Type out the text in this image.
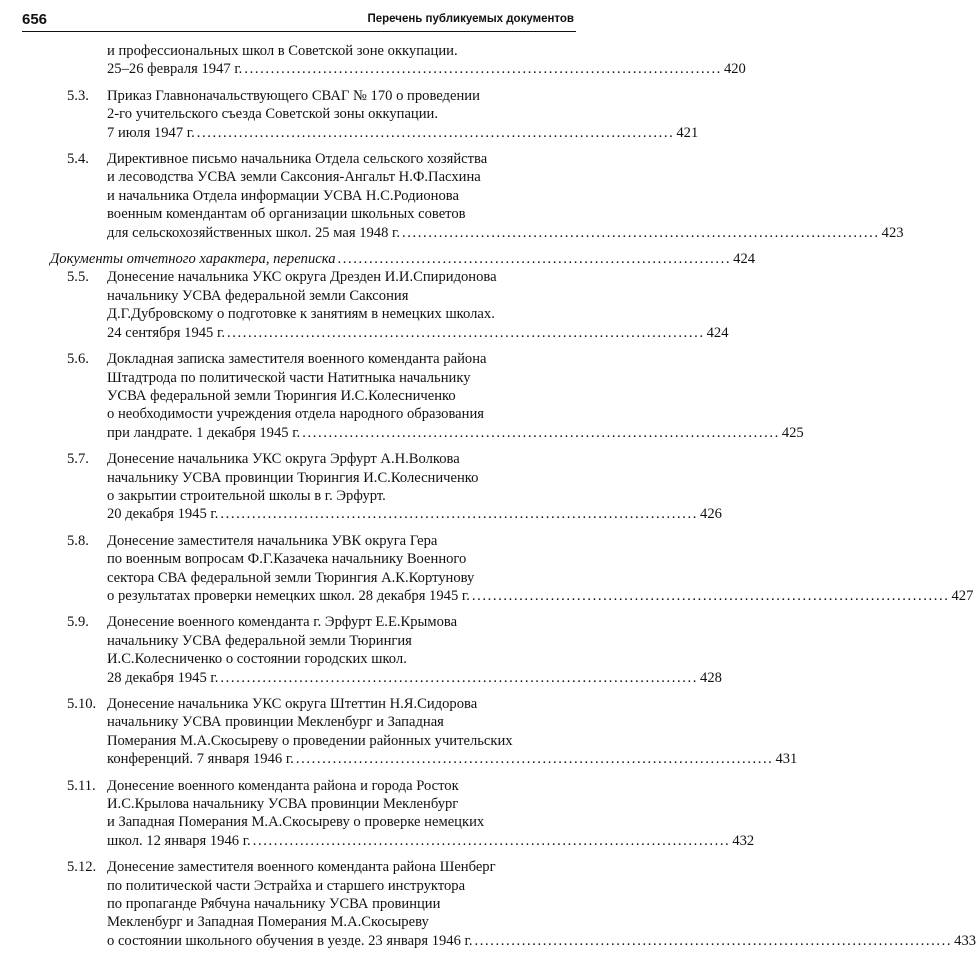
656	Перечень публикуемых документов
и профессиональных школ в Советской зоне оккупации.
25–26 февраля 1947 г. ........................................................................................... 420
5.3. Приказ Главноначальствующего СВАГ № 170 о проведении
2-го учительского съезда Советской зоны оккупации.
7 июля 1947 г. ........................................................................................... 421
5.4. Директивное письмо начальника Отдела сельского хозяйства
и лесоводства УСВА земли Саксония-Ангальт Н.Ф.Пасхина
и начальника Отдела информации УСВА Н.С.Родионова
военным комендантам об организации школьных советов
для сельскохозяйственных школ. 25 мая 1948 г. ........................................................................................... 423
Документы отчетного характера, переписка ........................................................................... 424
5.5. Донесение начальника УКС округа Дрезден И.И.Спиридонова
начальнику УСВА федеральной земли Саксония
Д.Г.Дубровскому о подготовке к занятиям в немецких школах.
24 сентября 1945 г. ........................................................................................... 424
5.6. Докладная записка заместителя военного коменданта района
Штадтрода по политической части Натитныка начальнику
УСВА федеральной земли Тюрингия И.С.Колесниченко
о необходимости учреждения отдела народного образования
при ландрате. 1 декабря 1945 г. ........................................................................................... 425
5.7. Донесение начальника УКС округа Эрфурт А.Н.Волкова
начальнику УСВА провинции Тюрингия И.С.Колесниченко
о закрытии строительной школы в г. Эрфурт.
20 декабря 1945 г. ........................................................................................... 426
5.8. Донесение заместителя начальника УВК округа Гера
по военным вопросам Ф.Г.Казачека начальнику Военного
сектора СВА федеральной земли Тюрингия А.К.Кортунову
о результатах проверки немецких школ. 28 декабря 1945 г. ........................................................................................... 427
5.9. Донесение военного коменданта г. Эрфурт Е.Е.Крымова
начальнику УСВА федеральной земли Тюрингия
И.С.Колесниченко о состоянии городских школ.
28 декабря 1945 г. ........................................................................................... 428
5.10. Донесение начальника УКС округа Штеттин Н.Я.Сидорова
начальнику УСВА провинции Мекленбург и Западная
Померания М.А.Скосыреву о проведении районных учительских
конференций. 7 января 1946 г. ........................................................................................... 431
5.11. Донесение военного коменданта района и города Росток
И.С.Крылова начальнику УСВА провинции Мекленбург
и Западная Померания М.А.Скосыреву о проверке немецких
школ. 12 января 1946 г. ........................................................................................... 432
5.12. Донесение заместителя военного коменданта района Шенберг
по политической части Эстрайха и старшего инструктора
по пропаганде Рябчуна начальнику УСВА провинции
Мекленбург и Западная Померания М.А.Скосыреву
о состоянии школьного обучения в уезде. 23 января 1946 г. ........................................................................................... 433
